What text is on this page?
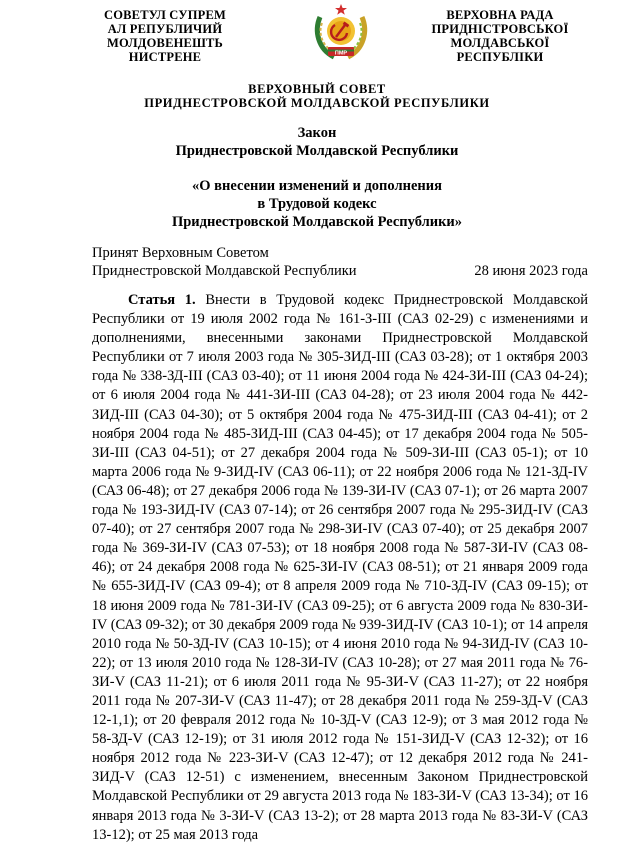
СОВЕТУЛ СУПРЕМ
АЛ РЕПУБЛИЧИЙ МОЛДОВЕНЕШТЬ
НИСТРЕНЕ	ПМР
ВЕРХОВНА РАДА
ПРИДНІСТРОВСЬКОЇ МОЛДАВСЬКОЇ
РЕСПУБЛІКИ
ВЕРХОВНЫЙ СОВЕТ
ПРИДНЕСТРОВСКОЙ МОЛДАВСКОЙ РЕСПУБЛИКИ
Закон
Приднестровской Молдавской Республики
«О внесении изменений и дополнения
в Трудовой кодекс
Приднестровской Молдавской Республики»
Принят Верховным Советом
Приднестровской Молдавской Республики	28 июня 2023 года

Статья 1. Внести в Трудовой кодекс Приднестровской Молдавской Республики от 19 июля 2002 года № 161-З-III (САЗ 02-29) с изменениями и дополнениями, внесенными законами Приднестровской Молдавской Республики от 7 июля 2003 года № 305-ЗИД-III (САЗ 03-28); от 1 октября 2003 года № 338-ЗД-III (САЗ 03-40); от 11 июня 2004 года № 424-ЗИ-III (САЗ 04-24); от 6 июля 2004 года № 441-ЗИ-III (САЗ 04-28); от 23 июля 2004 года № 442-ЗИД-III (САЗ 04-30); от 5 октября 2004 года № 475-ЗИД-III (САЗ 04-41); от 2 ноября 2004 года № 485-ЗИД-III (САЗ 04-45); от 17 декабря 2004 года № 505-ЗИ-III (САЗ 04-51); от 27 декабря 2004 года № 509-ЗИ-III (САЗ 05-1); от 10 марта 2006 года № 9-ЗИД-IV (САЗ 06-11); от 22 ноября 2006 года № 121-ЗД-IV (САЗ 06-48); от 27 декабря 2006 года № 139-ЗИ-IV (САЗ 07-1); от 26 марта 2007 года № 193-ЗИД-IV (САЗ 07-14); от 26 сентября 2007 года № 295-ЗИД-IV (САЗ 07-40); от 27 сентября 2007 года № 298-ЗИ-IV (САЗ 07-40); от 25 декабря 2007 года № 369-ЗИ-IV (САЗ 07-53); от 18 ноября 2008 года № 587-ЗИ-IV (САЗ 08-46); от 24 декабря 2008 года № 625-ЗИ-IV (САЗ 08-51); от 21 января 2009 года № 655-ЗИД-IV (САЗ 09-4); от 8 апреля 2009 года № 710-ЗД-IV (САЗ 09-15); от 18 июня 2009 года № 781-ЗИ-IV (САЗ 09-25); от 6 августа 2009 года № 830-ЗИ-IV (САЗ 09-32); от 30 декабря 2009 года № 939-ЗИД-IV (САЗ 10-1); от 14 апреля 2010 года № 50-ЗД-IV (САЗ 10-15); от 4 июня 2010 года № 94-ЗИД-IV (САЗ 10-22); от 13 июля 2010 года № 128-ЗИ-IV (САЗ 10-28); от 27 мая 2011 года № 76-ЗИ-V (САЗ 11-21); от 6 июля 2011 года № 95-ЗИ-V (САЗ 11-27); от 22 ноября 2011 года № 207-ЗИ-V (САЗ 11-47); от 28 декабря 2011 года № 259-ЗД-V (САЗ 12-1,1); от 20 февраля 2012 года № 10-ЗД-V (САЗ 12-9); от 3 мая 2012 года № 58-ЗД-V (САЗ 12-19); от 31 июля 2012 года № 151-ЗИД-V (САЗ 12-32); от 16 ноября 2012 года № 223-ЗИ-V (САЗ 12-47); от 12 декабря 2012 года № 241-ЗИД-V (САЗ 12-51) с изменением, внесенным Законом Приднестровской Молдавской Республики от 29 августа 2013 года № 183-ЗИ-V (САЗ 13-34); от 16 января 2013 года № 3-ЗИ-V (САЗ 13-2); от 28 марта 2013 года № 83-ЗИ-V (САЗ 13-12); от 25 мая 2013 года
